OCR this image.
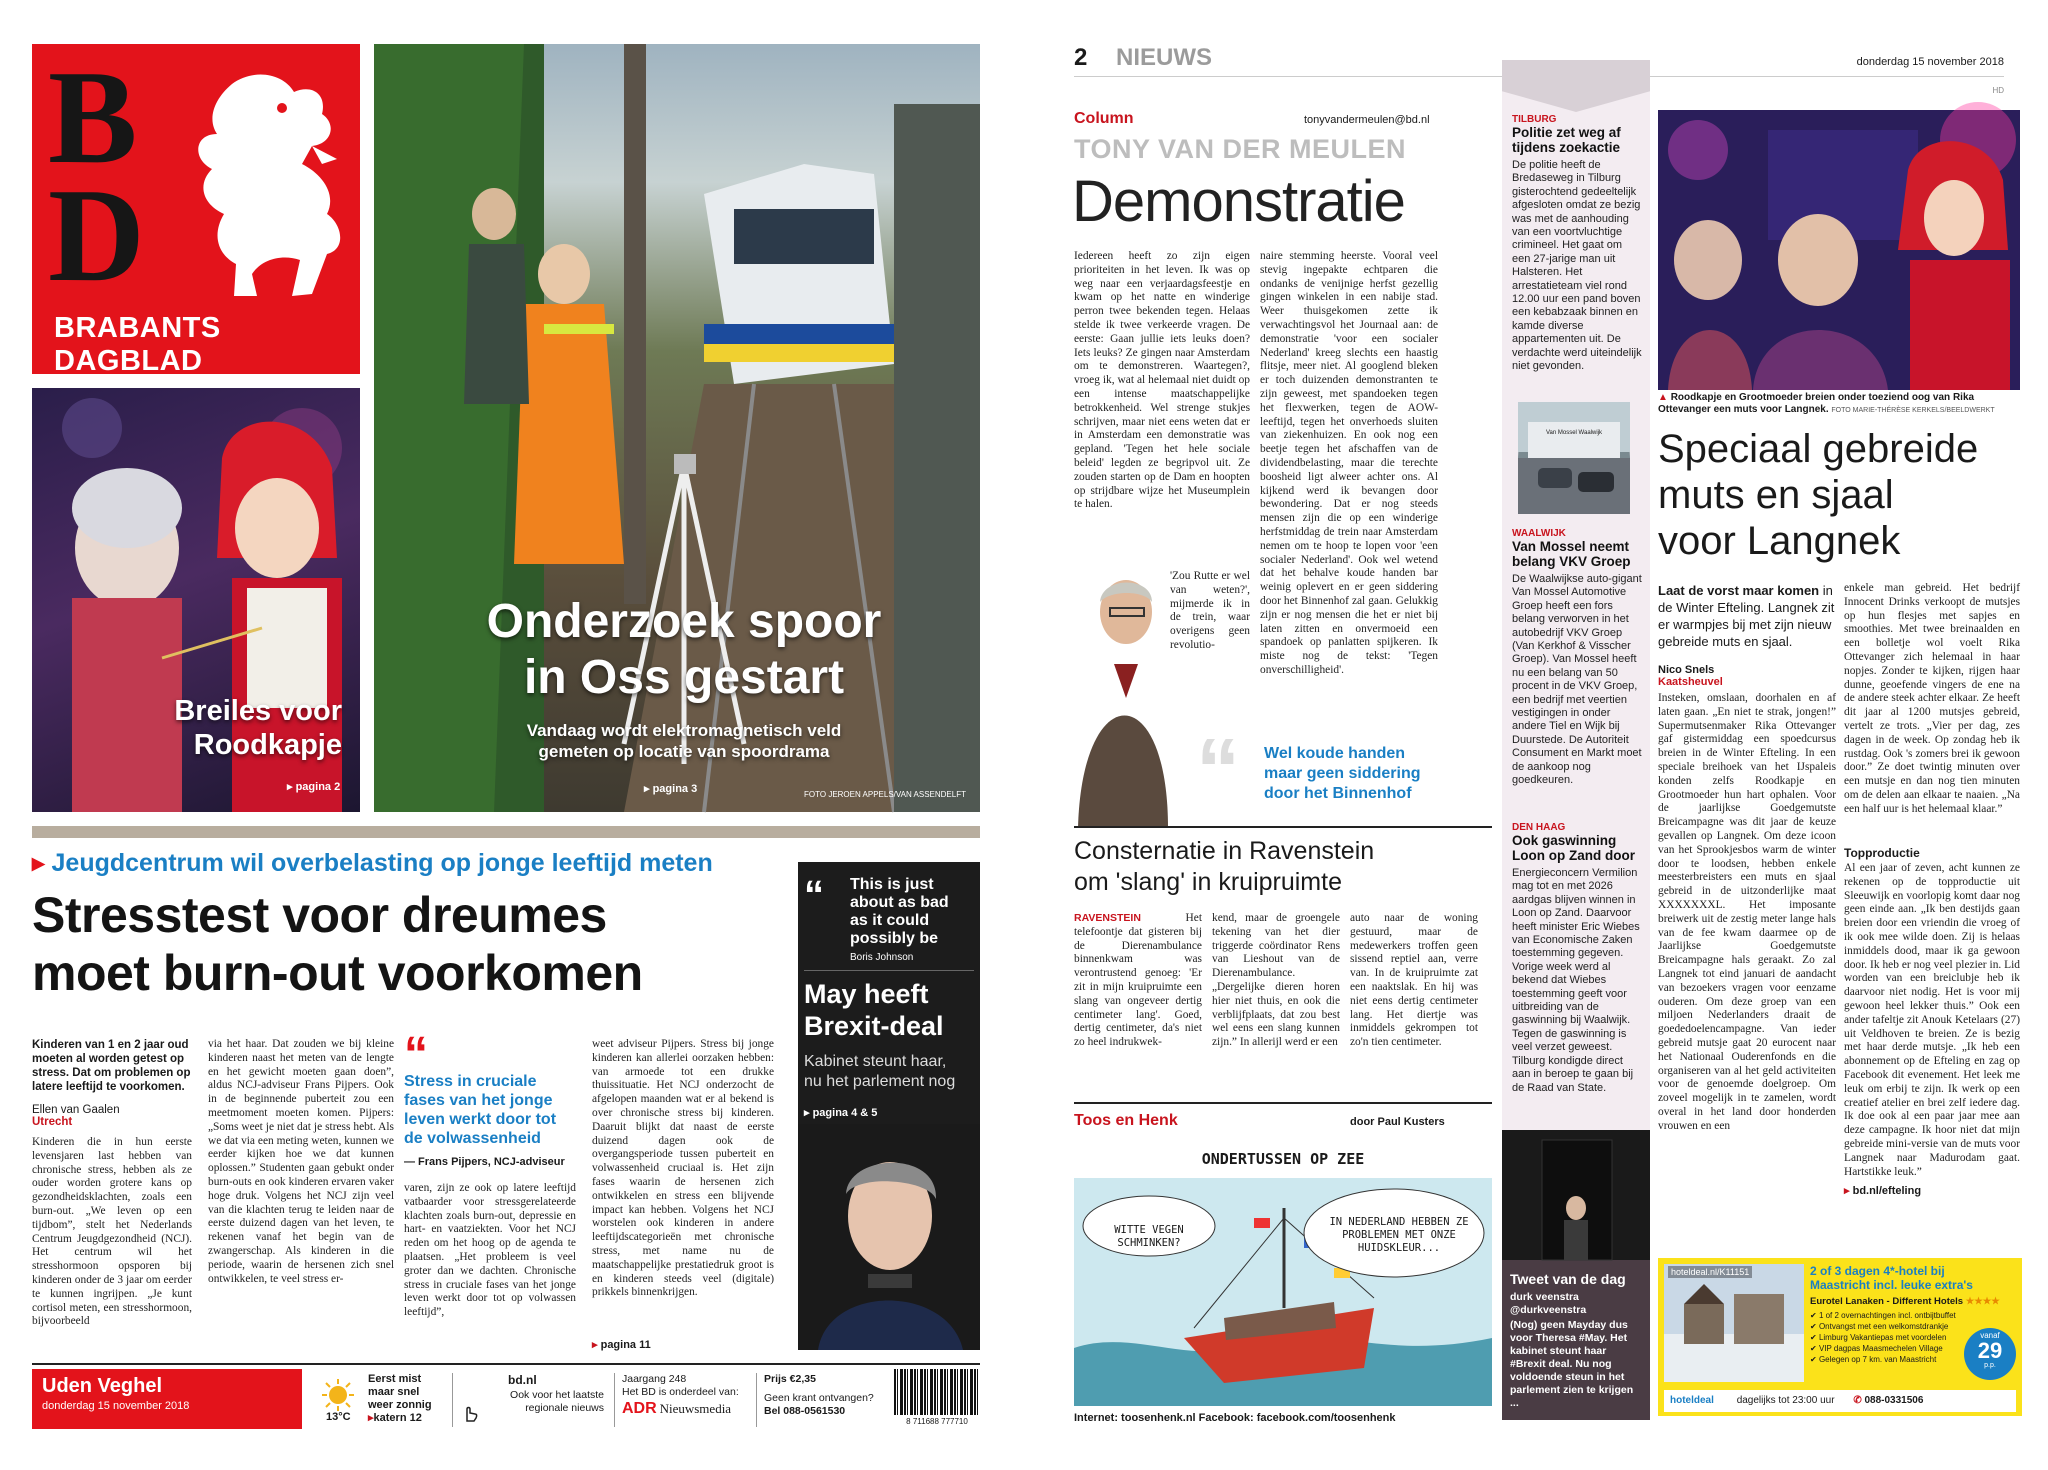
B
D
BRABANTS DAGBLAD
Breiles voor
Roodkapje
▸ pagina 2
Onderzoek spoor
in Oss gestart
Vandaag wordt elektromagnetisch veld
gemeten op locatie van spoordrama
▸ pagina 3	FOTO JEROEN APPELS/VAN ASSENDELFT
▸ Jeugdcentrum wil overbelasting op jonge leeftijd meten
Stresstest voor dreumes
moet burn-out voorkomen
Kinderen van 1 en 2 jaar oud moeten al worden getest op stress. Dat om problemen op latere leeftijd te voorkomen.
Ellen van Gaalen
Utrecht
Kinderen die in hun eerste levensjaren last hebben van chronische stress, hebben als ze ouder worden grotere kans op gezondheidsklachten, zoals een burn-out. „We leven op een tijdbom”, stelt het Nederlands Centrum Jeugdgezondheid (NCJ). Het centrum wil het stresshormoon opsporen bij kinderen onder de 3 jaar om eerder te kunnen ingrijpen. „Je kunt cortisol meten, een stresshormoon, bijvoorbeeld
via het haar. Dat zouden we bij kleine kinderen naast het meten van de lengte en het gewicht moeten gaan doen”, aldus NCJ-adviseur Frans Pijpers. Ook in de beginnende puberteit zou een meetmoment moeten komen. Pijpers: „Soms weet je niet dat je stress hebt. Als we dat via een meting weten, kunnen we eerder kijken hoe we dat kunnen oplossen.” Studenten gaan gebukt onder burn-outs en ook kinderen ervaren vaker hoge druk. Volgens het NCJ zijn veel van die klachten terug te leiden naar de eerste duizend dagen van het leven, te rekenen vanaf het begin van de zwangerschap. Als kinderen in die periode, waarin de hersenen zich snel ontwikkelen, te veel stress er-
“
Stress in cruciale fases van het jonge leven werkt door tot de volwassenheid
— Frans Pijpers, NCJ-adviseur
varen, zijn ze ook op latere leeftijd vatbaarder voor stressgerelateerde klachten zoals burn-out, depressie en hart- en vaatziekten. Voor het NCJ reden om het hoog op de agenda te plaatsen. „Het probleem is veel groter dan we dachten. Chronische stress in cruciale fases van het jonge leven werkt door tot op volwassen leeftijd”,
weet adviseur Pijpers. Stress bij jonge kinderen kan allerlei oorzaken hebben: van armoede tot een drukke thuissituatie. Het NCJ onderzocht de afgelopen maanden wat er al bekend is over chronische stress bij kinderen. Daaruit blijkt dat naast de eerste duizend dagen ook de overgangsperiode tussen puberteit en volwassenheid cruciaal is. Het zijn fases waarin de hersenen zich ontwikkelen en stress een blijvende impact kan hebben. Volgens het NCJ worstelen ook kinderen in andere leeftijdscategorieën met chronische stress, met name nu de maatschappelijke prestatiedruk groot is en kinderen steeds veel (digitale) prikkels binnenkrijgen.
▸ pagina 11
“ This is just
about as bad
as it could
possibly be
Boris Johnson
May heeft
Brexit-deal
Kabinet steunt haar,
nu het parlement nog
▸ pagina 4 & 5
Uden Veghel
donderdag 15 november 2018
13°C
Eerst mist
maar snel
weer zonnig
▸katern 12
bd.nl
Ook voor het laatste
regionale nieuws
Jaargang 248
Het BD is onderdeel van:
ADR Nieuwsmedia
Prijs €2,35
Geen krant ontvangen?
Bel 088-0561530
8 711688 777710
2 NIEUWS	donderdag 15 november 2018
HD
Column	tonyvandermeulen@bd.nl
TONY VAN DER MEULEN
Demonstratie
Iedereen heeft zo zijn eigen prioriteiten in het leven. Ik was op weg naar een verjaardagsfeestje en kwam op het natte en winderige perron twee bekenden tegen. Helaas stelde ik twee verkeerde vragen. De eerste: Gaan jullie iets leuks doen? Iets leuks? Ze gingen naar Amsterdam om te demonstreren. Waartegen?, vroeg ik, wat al helemaal niet duidt op een intense maatschappelijke betrokkenheid. Wel strenge stukjes schrijven, maar niet eens weten dat er in Amsterdam een demonstratie was gepland. 'Tegen het hele sociale beleid' legden ze begripvol uit. Ze zouden starten op de Dam en hoopten op strijdbare wijze het Museumplein te halen.
'Zou Rutte er wel van weten?', mijmerde ik in de trein, waar overigens geen revolutio-
naire stemming heerste. Vooral veel stevig ingepakte echtparen die ondanks de venijnige herfst gezellig gingen winkelen in een nabije stad. Weer thuisgekomen zette ik verwachtingsvol het Journaal aan: de demonstratie 'voor een socialer Nederland' kreeg slechts een haastig flitsje, meer niet. Al googlend bleken er toch duizenden demonstranten te zijn geweest, met spandoeken tegen het flexwerken, tegen de AOW-leeftijd, tegen het onverhoeds sluiten van ziekenhuizen. En ook nog een beetje tegen het afschaffen van de dividendbelasting, maar die terechte boosheid ligt alweer achter ons. Al kijkend werd ik bevangen door bewondering. Dat er nog steeds mensen zijn die op een winderige herfstmiddag de trein naar Amsterdam nemen om te hoop te lopen voor 'een socialer Nederland'. Ook wel wetend dat het behalve koude handen bar weinig oplevert en er geen siddering door het Binnenhof zal gaan. Gelukkig zijn er nog mensen die het er niet bij laten zitten en onvermoeid een spandoek op panlatten spijkeren. Ik miste nog de tekst: 'Tegen onverschilligheid'.
“ Wel koude handen maar geen siddering door het Binnenhof
Consternatie in Ravenstein
om 'slang' in kruipruimte
RAVENSTEIN	Het telefoontje dat gisteren bij de Dierenambulance binnenkwam was verontrustend genoeg: 'Er zit in mijn kruipruimte een slang van ongeveer dertig centimeter lang'. Goed, dertig centimeter, da's niet zo heel indrukwek-
kend, maar de groengele tekening van het dier triggerde coördinator Rens van Lieshout van de Dierenambulance. „Dergelijke dieren horen hier niet thuis, en ook die verblijfplaats, dat zou best wel eens een slang kunnen zijn.” In allerijl werd er een
auto naar de woning gestuurd, maar de medewerkers troffen geen sissend reptiel aan, verre van. In de kruipruimte zat een naaktslak. En hij was niet eens dertig centimeter lang. Het diertje was inmiddels gekrompen tot zo'n tien centimeter.
Toos en Henk	door Paul Kusters
ONDERTUSSEN OP ZEE
WITTE VEGEN SCHMINKEN?
IN NEDERLAND HEBBEN ZE PROBLEMEN MET ONZE HUIDSKLEUR...
Internet: toosenhenk.nl Facebook: facebook.com/toosenhenk
TILBURG
Politie zet weg af tijdens zoekactie
De politie heeft de Bredaseweg in Tilburg gisterochtend gedeeltelijk afgesloten omdat ze bezig was met de aanhouding van een voortvluchtige crimineel. Het gaat om een 27-jarige man uit Halsteren. Het arrestatieteam viel rond 12.00 uur een pand boven een kebabzaak binnen en kamde diverse appartementen uit. De verdachte werd uiteindelijk niet gevonden.
Van Mossel Waalwijk
WAALWIJK
Van Mossel neemt belang VKV Groep
De Waalwijkse auto-gigant Van Mossel Automotive Groep heeft een fors belang verworven in het autobedrijf VKV Groep (Van Kerkhof & Visscher Groep). Van Mossel heeft nu een belang van 50 procent in de VKV Groep, een bedrijf met veertien vestigingen in onder andere Tiel en Wijk bij Duurstede. De Autoriteit Consument en Markt moet de aankoop nog goedkeuren.
DEN HAAG
Ook gaswinning Loon op Zand door
Energieconcern Vermilion mag tot en met 2026 aardgas blijven winnen in Loon op Zand. Daarvoor heeft minister Eric Wiebes van Economische Zaken toestemming gegeven. Vorige week werd al bekend dat Wiebes toestemming geeft voor uitbreiding van de gaswinning bij Waalwijk. Tegen de gaswinning is veel verzet geweest. Tilburg kondigde direct aan in beroep te gaan bij de Raad van State.
Tweet van de dag
durk veenstra @durkveenstra
(Nog) geen Mayday dus voor Theresa #May. Het kabinet steunt haar #Brexit deal. Nu nog voldoende steun in het parlement zien te krijgen ...
▲ Roodkapje en Grootmoeder breien onder toeziend oog van Rika Ottevanger een muts voor Langnek. FOTO MARIE-THÉRÈSE KERKELS/BEELDWERKT
Speciaal gebreide
muts en sjaal
voor Langnek
Laat de vorst maar komen in de Winter Efteling. Langnek zit er warmpjes bij met zijn nieuw gebreide muts en sjaal.
Nico Snels
Kaatsheuvel
Insteken, omslaan, doorhalen en af laten gaan. „En niet te strak, jongen!” Supermutsenmaker Rika Ottevanger gaf gistermiddag een spoedcursus breien in de Winter Efteling. In een speciale breihoek van het IJspaleis konden zelfs Roodkapje en Grootmoeder hun hart ophalen. Voor de jaarlijkse Goedgemutste Breicampagne was dit jaar de keuze gevallen op Langnek. Om deze icoon van het Sprookjesbos warm de winter door te loodsen, hebben enkele meesterbreisters een muts en sjaal gebreid in de uitzonderlijke maat XXXXXXXL. Het imposante breiwerk uit de zestig meter lange hals van de fee kwam daarmee op de Jaarlijkse Goedgemutste Breicampagne hals geraakt. Zo zal Langnek tot eind januari de aandacht van bezoekers vragen voor eenzame ouderen. Om deze groep van een miljoen Nederlanders draait de goededoelencampagne. Van ieder gebreid mutsje gaat 20 eurocent naar het Nationaal Ouderenfonds en die organiseren van al het geld activiteiten voor de genoemde doelgroep. Om zoveel mogelijk in te zamelen, wordt overal in het land door honderden vrouwen en een
enkele man gebreid. Het bedrijf Innocent Drinks verkoopt de mutsjes op hun flesjes met sapjes en smoothies. Met twee breinaalden en een bolletje wol voelt Rika Ottevanger zich helemaal in haar nopjes. Zonder te kijken, rijgen haar dunne, geoefende vingers de ene na de andere steek achter elkaar. Ze heeft dit jaar al 1200 mutsjes gebreid, vertelt ze trots. „Vier per dag, zes dagen in de week. Op zondag heb ik rustdag. Ook 's zomers brei ik gewoon door.” Ze doet twintig minuten over een mutsje en dan nog tien minuten om de delen aan elkaar te naaien. „Na een half uur is het helemaal klaar.”
Topproductie
Al een jaar of zeven, acht kunnen ze rekenen op de topproductie uit Sleeuwijk en voorlopig komt daar nog geen einde aan. „Ik ben destijds gaan breien door een vriendin die vroeg of ik ook mee wilde doen. Zij is helaas inmiddels dood, maar ik ga gewoon door. Ik heb er nog veel plezier in. Lid worden van een breiclubje heb ik daarvoor niet nodig. Het is voor mij gewoon heel lekker thuis.” Ook een ander tafeltje zit Anouk Ketelaars (27) uit Veldhoven te breien. Ze is bezig met haar derde mutsje. „Ik heb een abonnement op de Efteling en zag op Facebook dit evenement. Het leek me leuk om erbij te zijn. Ik werk op een creatief atelier en brei zelf iedere dag. Ik doe ook al een paar jaar mee aan deze campagne. Ik hoor niet dat mijn gebreide mini-versie van de muts voor Langnek naar Madurodam gaat. Hartstikke leuk.”
▸ bd.nl/efteling
hoteldeal.nl/K11151	2 of 3 dagen 4*-hotel bij
Maastricht incl. leuke extra's
Eurotel Lanaken - Different Hotels ★★★★
✔ 1 of 2 overnachtingen incl. ontbijtbuffet
✔ Ontvangst met een welkomstdrankje
✔ Limburg Vakantiepas met voordelen
✔ VIP dagpas Maasmechelen Village
✔ Gelegen op 7 km. van Maastricht
vanaf
29
p.p.
hoteldeal dagelijks tot 23:00 uur ✆ 088-0331506
